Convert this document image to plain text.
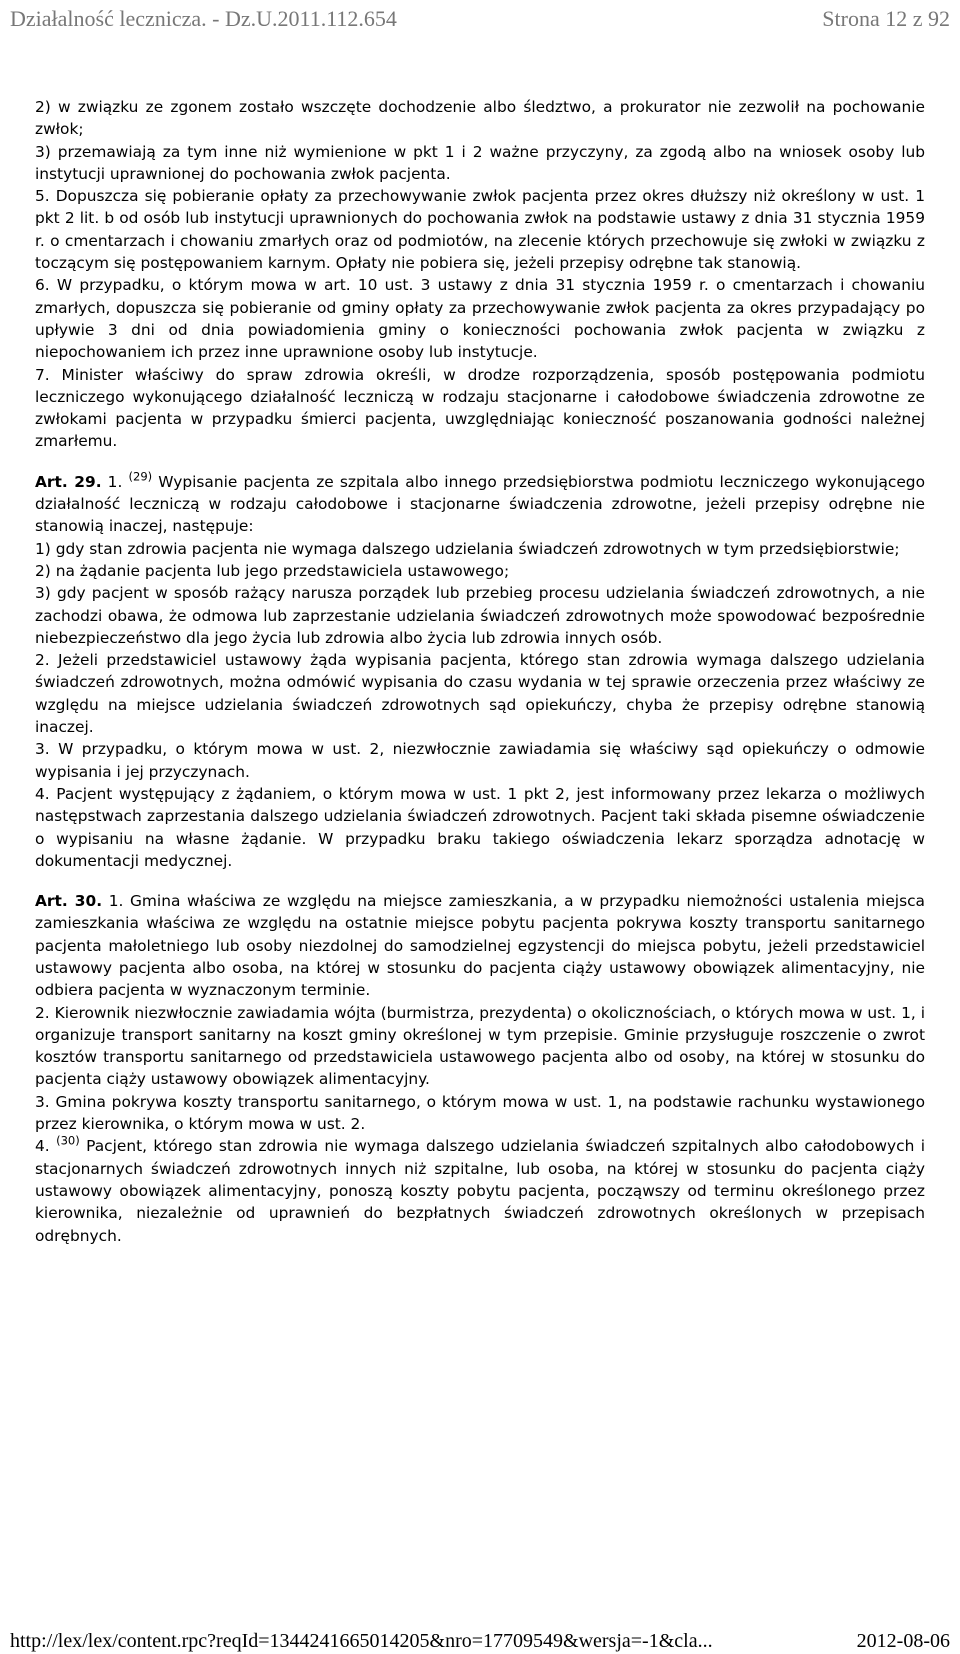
Działalność lecznicza. - Dz.U.2011.112.654	Strona 12 z 92

2) w związku ze zgonem zostało wszczęte dochodzenie albo śledztwo, a prokurator nie zezwolił na pochowanie zwłok;

3) przemawiają za tym inne niż wymienione w pkt 1 i 2 ważne przyczyny, za zgodą albo na wniosek osoby lub instytucji uprawnionej do pochowania zwłok pacjenta.

5. Dopuszcza się pobieranie opłaty za przechowywanie zwłok pacjenta przez okres dłuższy niż określony w ust. 1 pkt 2 lit. b od osób lub instytucji uprawnionych do pochowania zwłok na podstawie ustawy z dnia 31 stycznia 1959 r. o cmentarzach i chowaniu zmarłych oraz od podmiotów, na zlecenie których przechowuje się zwłoki w związku z toczącym się postępowaniem karnym. Opłaty nie pobiera się, jeżeli przepisy odrębne tak stanowią.

6. W przypadku, o którym mowa w art. 10 ust. 3 ustawy z dnia 31 stycznia 1959 r. o cmentarzach i chowaniu zmarłych, dopuszcza się pobieranie od gminy opłaty za przechowywanie zwłok pacjenta za okres przypadający po upływie 3 dni od dnia powiadomienia gminy o konieczności pochowania zwłok pacjenta w związku z niepochowaniem ich przez inne uprawnione osoby lub instytucje.

7. Minister właściwy do spraw zdrowia określi, w drodze rozporządzenia, sposób postępowania podmiotu leczniczego wykonującego działalność leczniczą w rodzaju stacjonarne i całodobowe świadczenia zdrowotne ze zwłokami pacjenta w przypadku śmierci pacjenta, uwzględniając konieczność poszanowania godności należnej zmarłemu.

Art. 29. 1. $^{(29)}$ Wypisanie pacjenta ze szpitala albo innego przedsiębiorstwa podmiotu leczniczego wykonującego działalność leczniczą w rodzaju całodobowe i stacjonarne świadczenia zdrowotne, jeżeli przepisy odrębne nie stanowią inaczej, następuje:

1) gdy stan zdrowia pacjenta nie wymaga dalszego udzielania świadczeń zdrowotnych w tym przedsiębiorstwie;

2) na żądanie pacjenta lub jego przedstawiciela ustawowego;

3) gdy pacjent w sposób rażący narusza porządek lub przebieg procesu udzielania świadczeń zdrowotnych, a nie zachodzi obawa, że odmowa lub zaprzestanie udzielania świadczeń zdrowotnych może spowodować bezpośrednie niebezpieczeństwo dla jego życia lub zdrowia albo życia lub zdrowia innych osób.

2. Jeżeli przedstawiciel ustawowy żąda wypisania pacjenta, którego stan zdrowia wymaga dalszego udzielania świadczeń zdrowotnych, można odmówić wypisania do czasu wydania w tej sprawie orzeczenia przez właściwy ze względu na miejsce udzielania świadczeń zdrowotnych sąd opiekuńczy, chyba że przepisy odrębne stanowią inaczej.

3. W przypadku, o którym mowa w ust. 2, niezwłocznie zawiadamia się właściwy sąd opiekuńczy o odmowie wypisania i jej przyczynach.

4. Pacjent występujący z żądaniem, o którym mowa w ust. 1 pkt 2, jest informowany przez lekarza o możliwych następstwach zaprzestania dalszego udzielania świadczeń zdrowotnych. Pacjent taki składa pisemne oświadczenie o wypisaniu na własne żądanie. W przypadku braku takiego oświadczenia lekarz sporządza adnotację w dokumentacji medycznej.

Art. 30. 1. Gmina właściwa ze względu na miejsce zamieszkania, a w przypadku niemożności ustalenia miejsca zamieszkania właściwa ze względu na ostatnie miejsce pobytu pacjenta pokrywa koszty transportu sanitarnego pacjenta małoletniego lub osoby niezdolnej do samodzielnej egzystencji do miejsca pobytu, jeżeli przedstawiciel ustawowy pacjenta albo osoba, na której w stosunku do pacjenta ciąży ustawowy obowiązek alimentacyjny, nie odbiera pacjenta w wyznaczonym terminie.

2. Kierownik niezwłocznie zawiadamia wójta (burmistrza, prezydenta) o okolicznościach, o których mowa w ust. 1, i organizuje transport sanitarny na koszt gminy określonej w tym przepisie. Gminie przysługuje roszczenie o zwrot kosztów transportu sanitarnego od przedstawiciela ustawowego pacjenta albo od osoby, na której w stosunku do pacjenta ciąży ustawowy obowiązek alimentacyjny.

3. Gmina pokrywa koszty transportu sanitarnego, o którym mowa w ust. 1, na podstawie rachunku wystawionego przez kierownika, o którym mowa w ust. 2.

4. $^{(30)}$ Pacjent, którego stan zdrowia nie wymaga dalszego udzielania świadczeń szpitalnych albo całodobowych i stacjonarnych świadczeń zdrowotnych innych niż szpitalne, lub osoba, na której w stosunku do pacjenta ciąży ustawowy obowiązek alimentacyjny, ponoszą koszty pobytu pacjenta, począwszy od terminu określonego przez kierownika, niezależnie od uprawnień do bezpłatnych świadczeń zdrowotnych określonych w przepisach odrębnych.

http://lex/lex/content.rpc?reqId=1344241665014205&nro=17709549&wersja=-1&cla...	2012-08-06
